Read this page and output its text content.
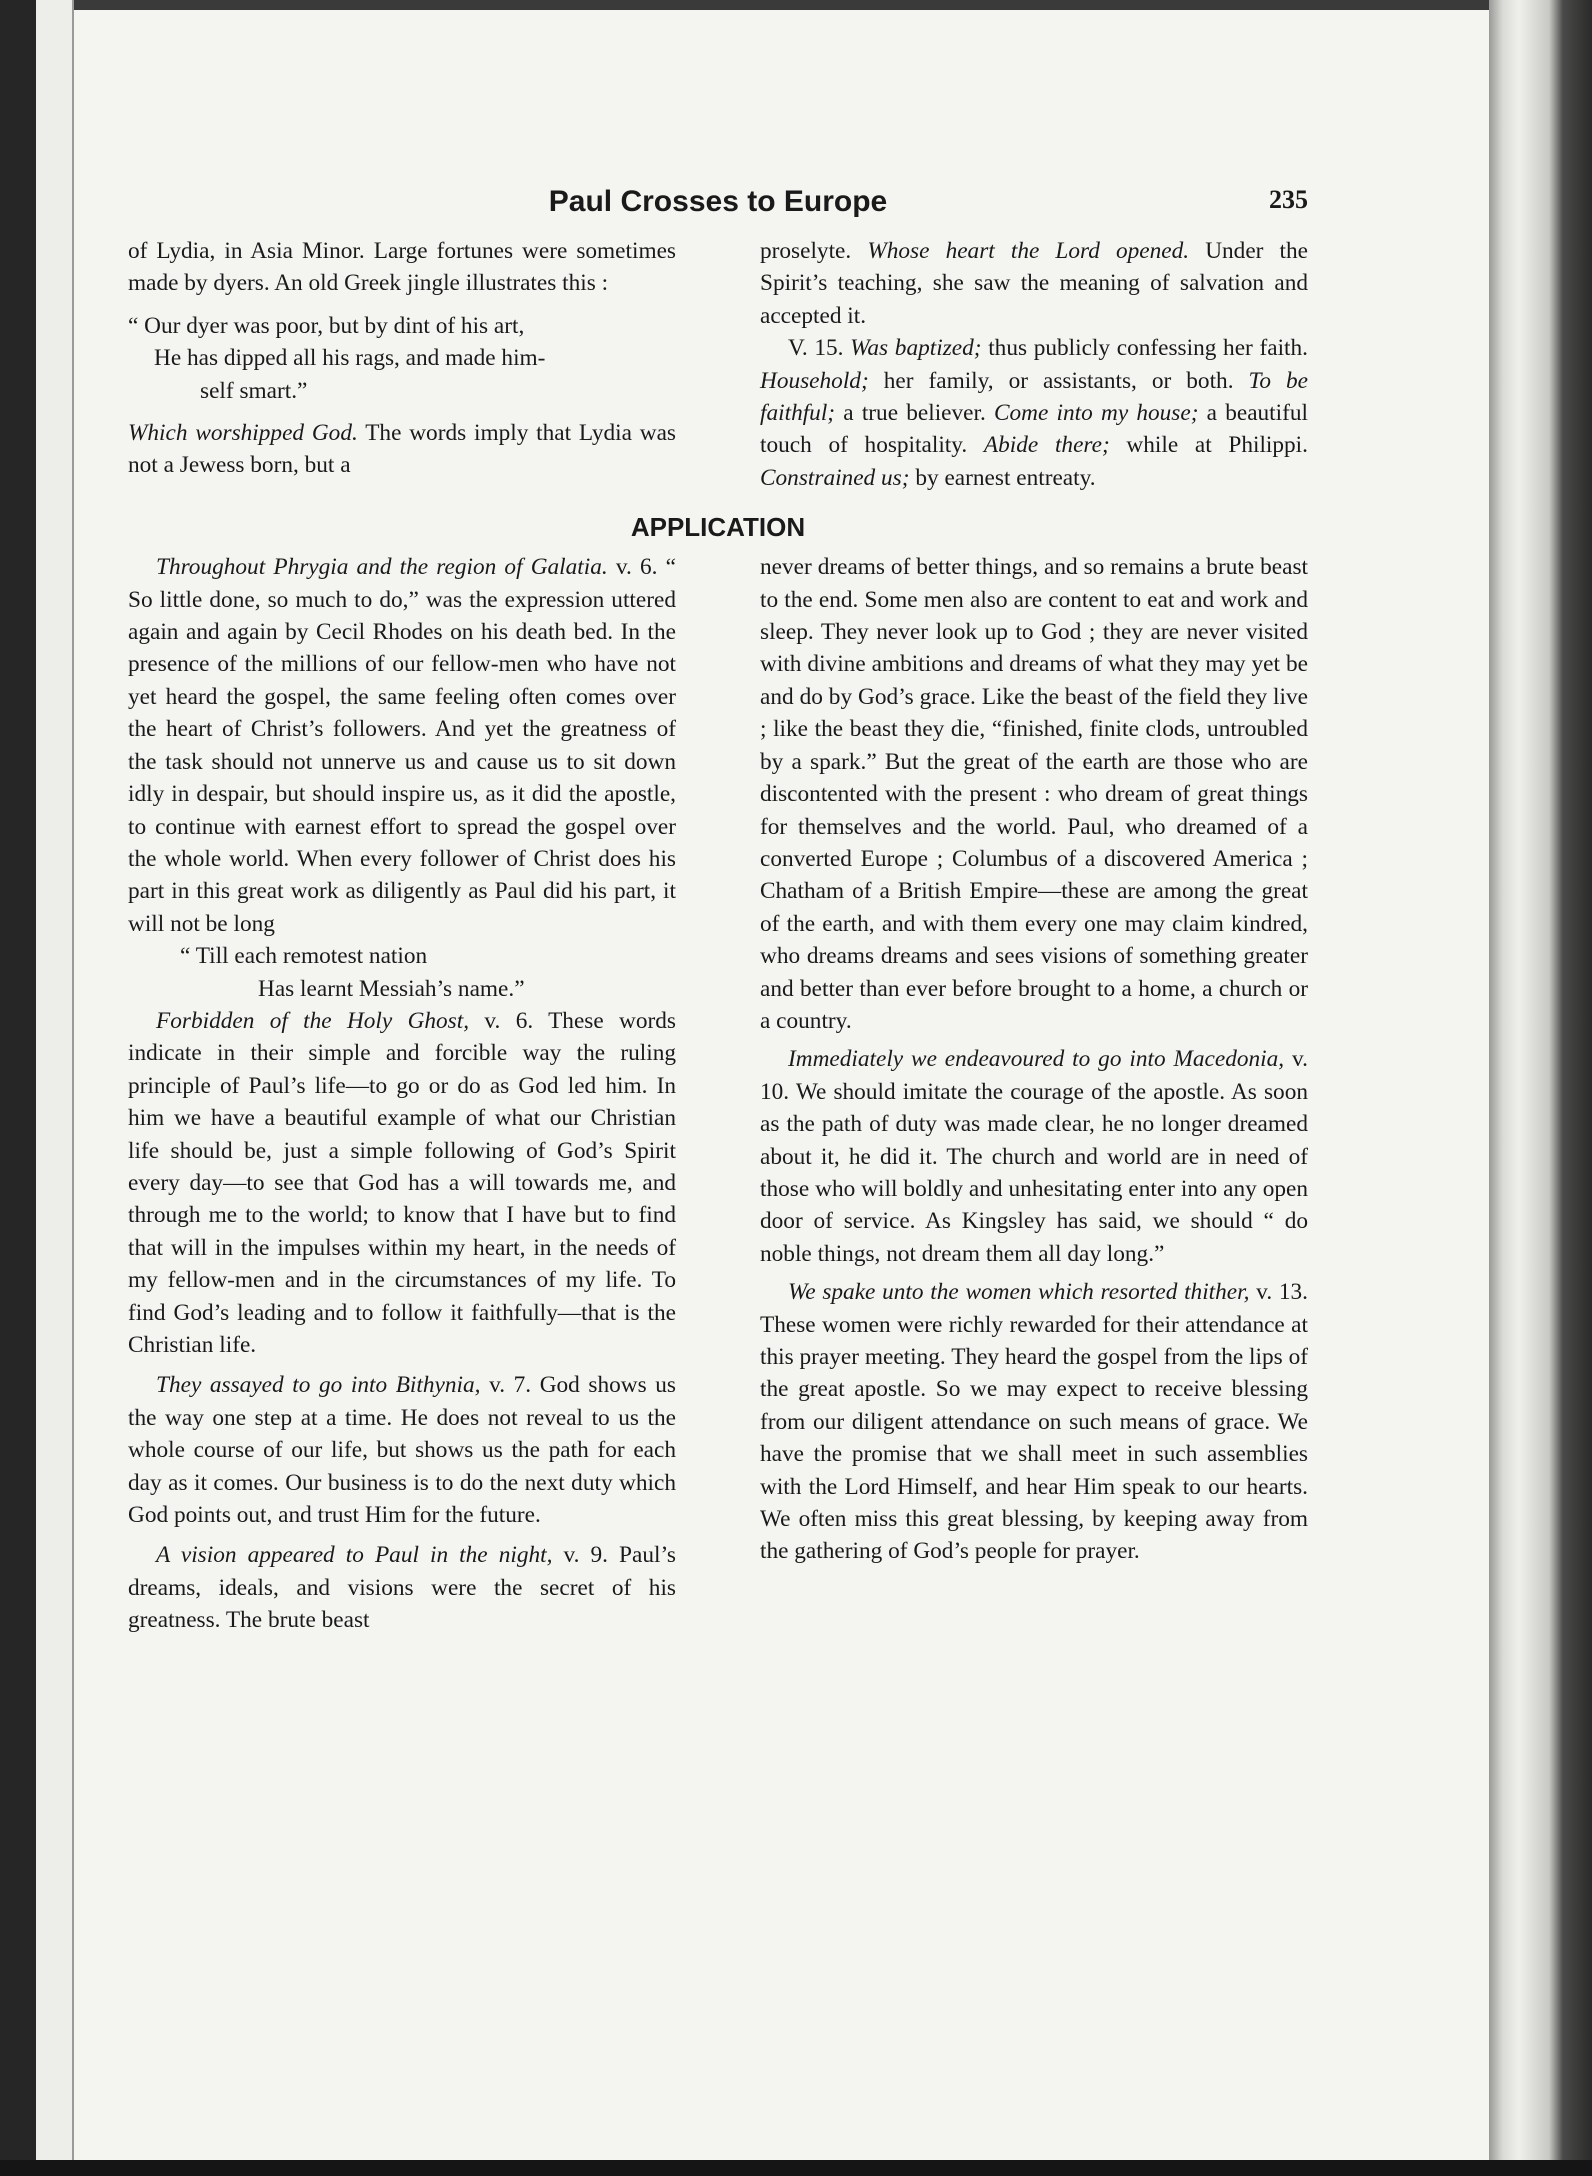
Paul Crosses to Europe	235

of Lydia, in Asia Minor. Large fortunes were sometimes made by dyers. An old Greek jingle illustrates this :

“ Our dyer was poor, but by dint of his art,
He has dipped all his rags, and made him-
self smart.”

Which worshipped God. The words imply that Lydia was not a Jewess born, but a

proselyte. Whose heart the Lord opened. Under the Spirit’s teaching, she saw the meaning of salvation and accepted it.

V. 15. Was baptized; thus publicly confessing her faith. Household; her family, or assistants, or both. To be faithful; a true believer. Come into my house; a beautiful touch of hospitality. Abide there; while at Philippi. Constrained us; by earnest entreaty.

APPLICATION

Throughout Phrygia and the region of Galatia. v. 6. “ So little done, so much to do,” was the expression uttered again and again by Cecil Rhodes on his death bed. In the presence of the millions of our fellow-men who have not yet heard the gospel, the same feeling often comes over the heart of Christ’s followers. And yet the greatness of the task should not unnerve us and cause us to sit down idly in despair, but should inspire us, as it did the apostle, to continue with earnest effort to spread the gospel over the whole world. When every follower of Christ does his part in this great work as diligently as Paul did his part, it will not be long

“ Till each remotest nation
Has learnt Messiah’s name.”

Forbidden of the Holy Ghost, v. 6. These words indicate in their simple and forcible way the ruling principle of Paul’s life—to go or do as God led him. In him we have a beautiful example of what our Christian life should be, just a simple following of God’s Spirit every day—to see that God has a will towards me, and through me to the world; to know that I have but to find that will in the impulses within my heart, in the needs of my fellow-men and in the circumstances of my life. To find God’s leading and to follow it faithfully—that is the Christian life.

They assayed to go into Bithynia, v. 7. God shows us the way one step at a time. He does not reveal to us the whole course of our life, but shows us the path for each day as it comes. Our business is to do the next duty which God points out, and trust Him for the future.

A vision appeared to Paul in the night, v. 9. Paul’s dreams, ideals, and visions were the secret of his greatness. The brute beast

never dreams of better things, and so remains a brute beast to the end. Some men also are content to eat and work and sleep. They never look up to God ; they are never visited with divine ambitions and dreams of what they may yet be and do by God’s grace. Like the beast of the field they live ; like the beast they die, “finished, finite clods, untroubled by a spark.” But the great of the earth are those who are discontented with the present : who dream of great things for themselves and the world. Paul, who dreamed of a converted Europe ; Columbus of a discovered America ; Chatham of a British Empire—these are among the great of the earth, and with them every one may claim kindred, who dreams dreams and sees visions of something greater and better than ever before brought to a home, a church or a country.

Immediately we endeavoured to go into Macedonia, v. 10. We should imitate the courage of the apostle. As soon as the path of duty was made clear, he no longer dreamed about it, he did it. The church and world are in need of those who will boldly and unhesitating enter into any open door of service. As Kingsley has said, we should “ do noble things, not dream them all day long.”

We spake unto the women which resorted thither, v. 13. These women were richly rewarded for their attendance at this prayer meeting. They heard the gospel from the lips of the great apostle. So we may expect to receive blessing from our diligent attendance on such means of grace. We have the promise that we shall meet in such assemblies with the Lord Himself, and hear Him speak to our hearts. We often miss this great blessing, by keeping away from the gathering of God’s people for prayer.
